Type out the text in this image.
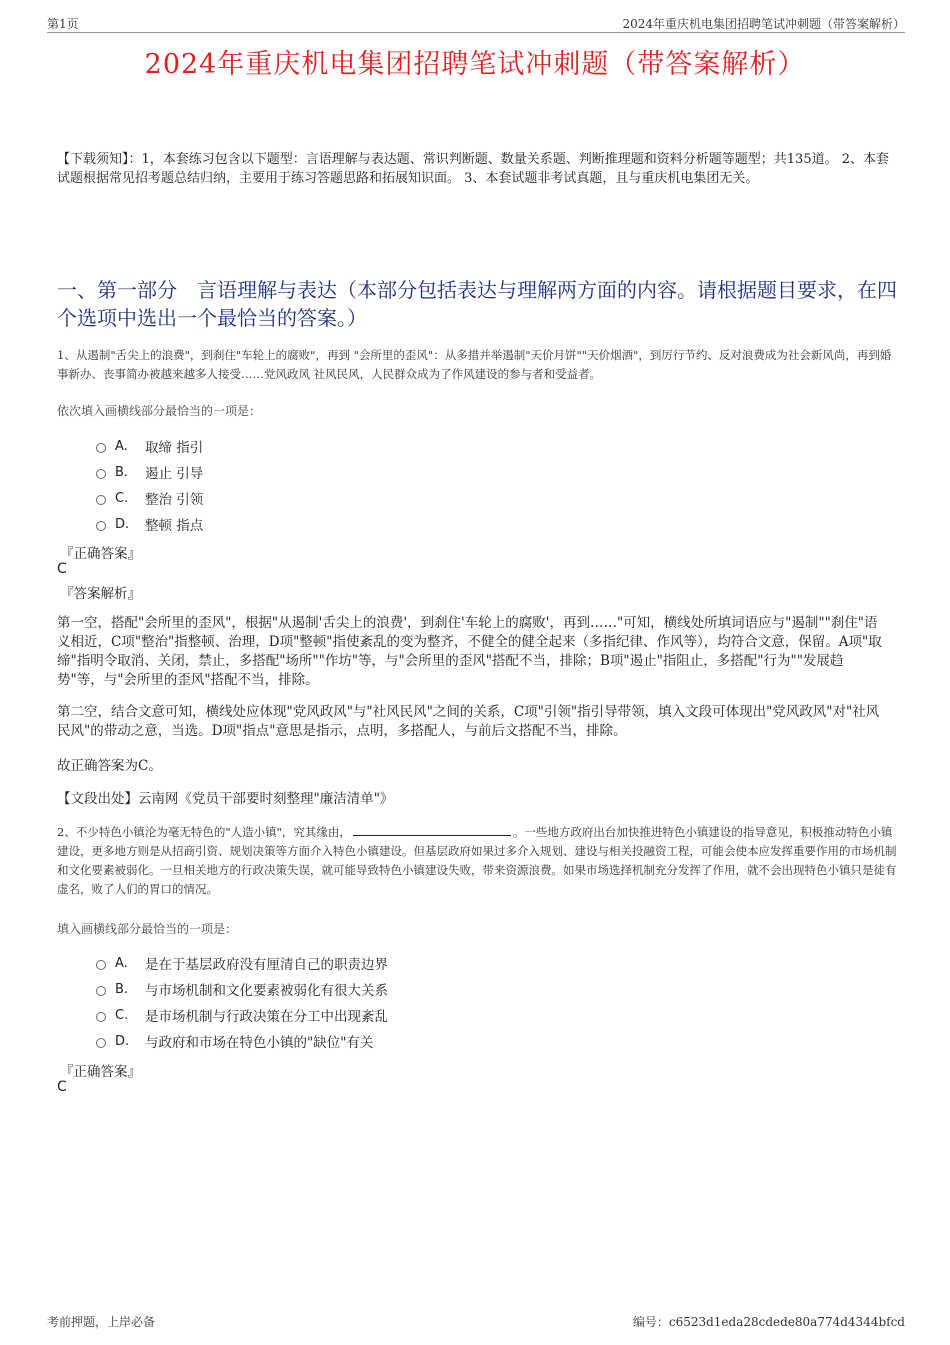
第1页	2024年重庆机电集团招聘笔试冲刺题（带答案解析）
2024年重庆机电集团招聘笔试冲刺题（带答案解析）
【下载须知】：1，本套练习包含以下题型：言语理解与表达题、常识判断题、数量关系题、判断推理题和资料分析题等题型；共135道。 2、本套试题根据常见招考题总结归纳，主要用于练习答题思路和拓展知识面。 3、本套试题非考试真题，且与重庆机电集团无关。
一、第一部分　言语理解与表达（本部分包括表达与理解两方面的内容。请根据题目要求，在四个选项中选出一个最恰当的答案。）
1、从遏制"舌尖上的浪费"，到刹住"车轮上的腐败"，再到 "会所里的歪风"：从多措并举遏制"天价月饼""天价烟酒"，到厉行节约、反对浪费成为社会新风尚，再到婚事新办、丧事简办被越来越多人接受……党风政风 社风民风，人民群众成为了作风建设的参与者和受益者。
依次填入画横线部分最恰当的一项是：
A.	取缔 指引
B.	遏止 引导
C.	整治 引领
D.	整顿 指点
『正确答案』
C
『答案解析』
第一空，搭配"会所里的歪风"，根据"从遏制'舌尖上的浪费'，到刹住'车轮上的腐败'，再到……"可知，横线处所填词语应与"遏制""刹住"语义相近，C项"整治"指整顿、治理，D项"整顿"指使紊乱的变为整齐，不健全的健全起来（多指纪律、作风等），均符合文意，保留。A项"取缔"指明令取消、关闭，禁止，多搭配"场所""作坊"等，与"会所里的歪风"搭配不当，排除；B项"遏止"指阻止，多搭配"行为""发展趋势"等，与"会所里的歪风"搭配不当，排除。
第二空，结合文意可知，横线处应体现"党风政风"与"社风民风"之间的关系，C项"引领"指引导带领，填入文段可体现出"党风政风"对"社风民风"的带动之意，当选。D项"指点"意思是指示，点明，多搭配人，与前后文搭配不当，排除。
故正确答案为C。
【文段出处】云南网《党员干部要时刻整理"廉洁清单"》
2、不少特色小镇沦为毫无特色的"人造小镇"，究其缘由，	。一些地方政府出台加快推进特色小镇建设的指导意见，积极推动特色小镇建设，更多地方则是从招商引资、规划决策等方面介入特色小镇建设。但基层政府如果过多介入规划、建设与相关投融资工程，可能会使本应发挥重要作用的市场机制和文化要素被弱化。一旦相关地方的行政决策失误，就可能导致特色小镇建设失败，带来资源浪费。如果市场选择机制充分发挥了作用，就不会出现特色小镇只是徒有虚名，败了人们的胃口的情况。
填入画横线部分最恰当的一项是：
A.	是在于基层政府没有厘清自己的职责边界
B.	与市场机制和文化要素被弱化有很大关系
C.	是市场机制与行政决策在分工中出现紊乱
D.	与政府和市场在特色小镇的"缺位"有关
『正确答案』
C
考前押题，上岸必备	编号：c6523d1eda28cdede80a774d4344bfcd
